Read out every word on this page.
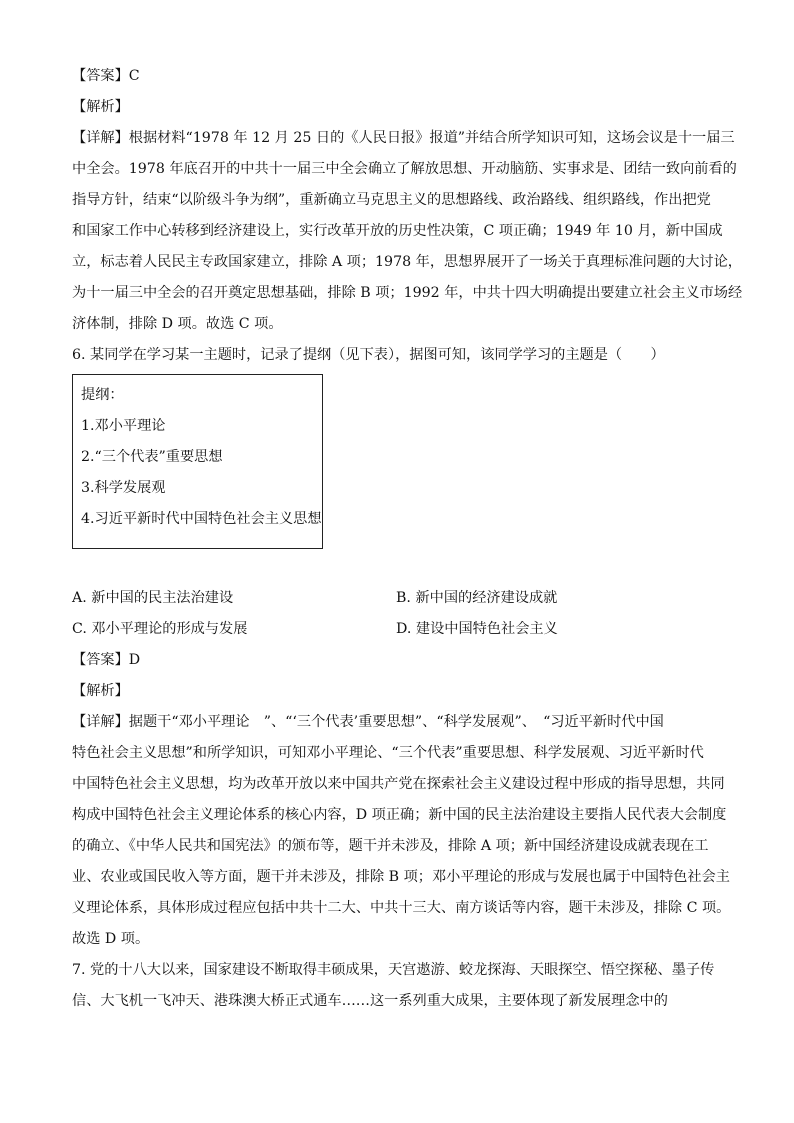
【答案】C
【解析】
【详解】根据材料“1978 年 12 月 25 日的《人民日报》报道”并结合所学知识可知，这场会议是十一届三
中全会。1978 年底召开的中共十一届三中全会确立了解放思想、开动脑筋、实事求是、团结一致向前看的
指导方针，结束“以阶级斗争为纲”，重新确立马克思主义的思想路线、政治路线、组织路线，作出把党
和国家工作中心转移到经济建设上，实行改革开放的历史性决策，C 项正确；1949 年 10 月，新中国成
立，标志着人民民主专政国家建立，排除 A 项；1978 年，思想界展开了一场关于真理标准问题的大讨论，
为十一届三中全会的召开奠定思想基础，排除 B 项；1992 年，中共十四大明确提出要建立社会主义市场经
济体制，排除 D 项。故选 C 项。
6. 某同学在学习某一主题时，记录了提纲（见下表），据图可知，该同学学习的主题是（　　）
提纲：
1.邓小平理论
2.“三个代表”重要思想
3.科学发展观
4.习近平新时代中国特色社会主义思想
A. 新中国的民主法治建设	B. 新中国的经济建设成就
C. 邓小平理论的形成与发展	D. 建设中国特色社会主义
【答案】D
【解析】
【详解】据题干“邓小平理论　”、“‘三个代表’重要思想”、“科学发展观”、　“习近平新时代中国
特色社会主义思想”和所学知识，可知邓小平理论、“三个代表”重要思想、科学发展观、习近平新时代
中国特色社会主义思想，均为改革开放以来中国共产党在探索社会主义建设过程中形成的指导思想，共同
构成中国特色社会主义理论体系的核心内容，D 项正确；新中国的民主法治建设主要指人民代表大会制度
的确立、《中华人民共和国宪法》的颁布等，题干并未涉及，排除 A 项；新中国经济建设成就表现在工
业、农业或国民收入等方面，题干并未涉及，排除 B 项；邓小平理论的形成与发展也属于中国特色社会主
义理论体系，具体形成过程应包括中共十二大、中共十三大、南方谈话等内容，题干未涉及，排除 C 项。
故选 D 项。
7. 党的十八大以来，国家建设不断取得丰硕成果，天宫遨游、蛟龙探海、天眼探空、悟空探秘、墨子传
信、大飞机一飞冲天、港珠澳大桥正式通车……这一系列重大成果，主要体现了新发展理念中的
